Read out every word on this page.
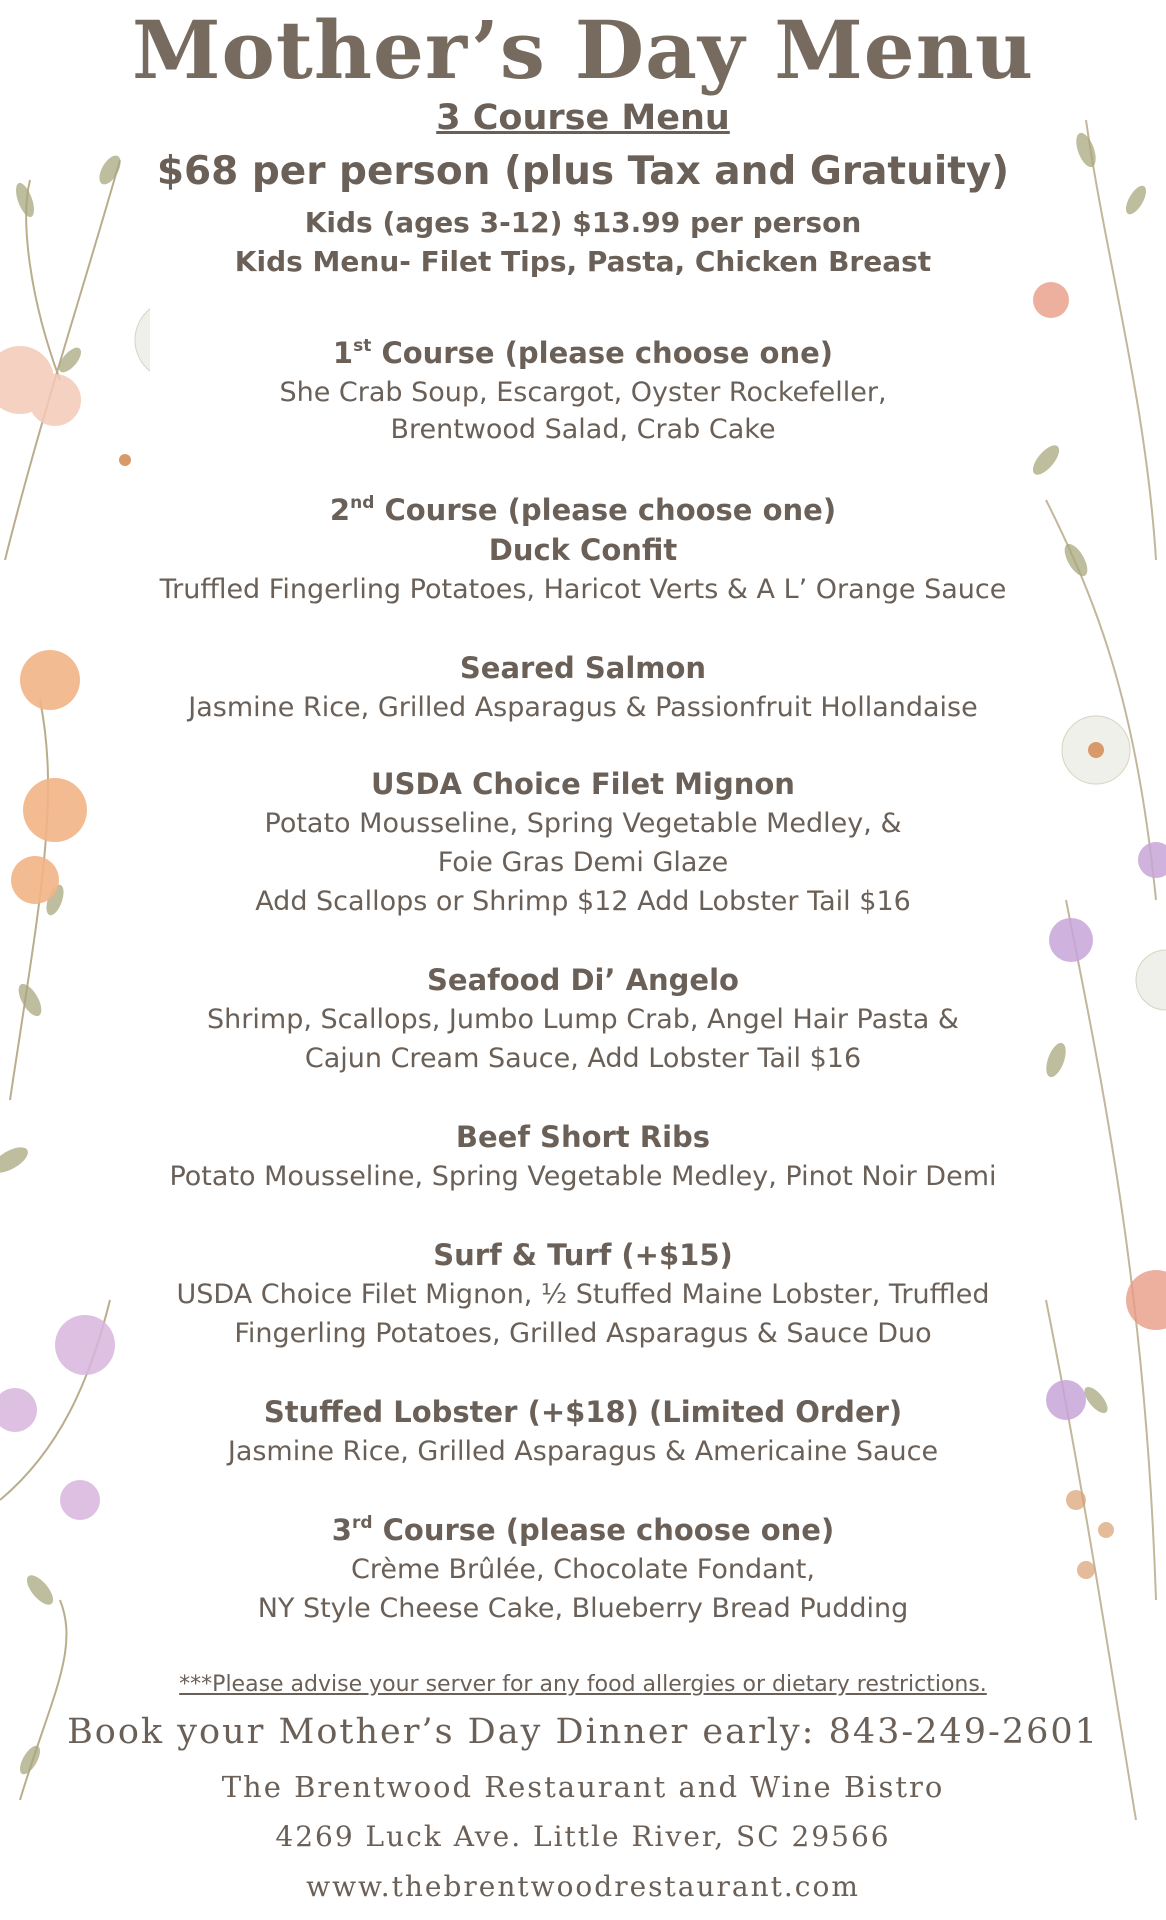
Mother’s Day Menu
3 Course Menu
$68 per person (plus Tax and Gratuity)
Kids (ages 3-12) $13.99 per person
Kids Menu- Filet Tips, Pasta, Chicken Breast
1st Course (please choose one)
She Crab Soup, Escargot, Oyster Rockefeller,
Brentwood Salad, Crab Cake
2nd Course (please choose one)
Duck Confit
Truffled Fingerling Potatoes, Haricot Verts & A L’ Orange Sauce
Seared Salmon
Jasmine Rice, Grilled Asparagus & Passionfruit Hollandaise
USDA Choice Filet Mignon
Potato Mousseline, Spring Vegetable Medley, &
Foie Gras Demi Glaze
Add Scallops or Shrimp $12 Add Lobster Tail $16
Seafood Di’ Angelo
Shrimp, Scallops, Jumbo Lump Crab, Angel Hair Pasta &
Cajun Cream Sauce, Add Lobster Tail $16
Beef Short Ribs
Potato Mousseline, Spring Vegetable Medley, Pinot Noir Demi
Surf & Turf (+$15)
USDA Choice Filet Mignon, ½ Stuffed Maine Lobster, Truffled
Fingerling Potatoes, Grilled Asparagus & Sauce Duo
Stuffed Lobster (+$18) (Limited Order)
Jasmine Rice, Grilled Asparagus & Americaine Sauce
3rd Course (please choose one)
Crème Brûlée, Chocolate Fondant,
NY Style Cheese Cake, Blueberry Bread Pudding
***Please advise your server for any food allergies or dietary restrictions.
Book your Mother’s Day Dinner early: 843-249-2601
The Brentwood Restaurant and Wine Bistro
4269 Luck Ave. Little River, SC 29566
www.thebrentwoodrestaurant.com
